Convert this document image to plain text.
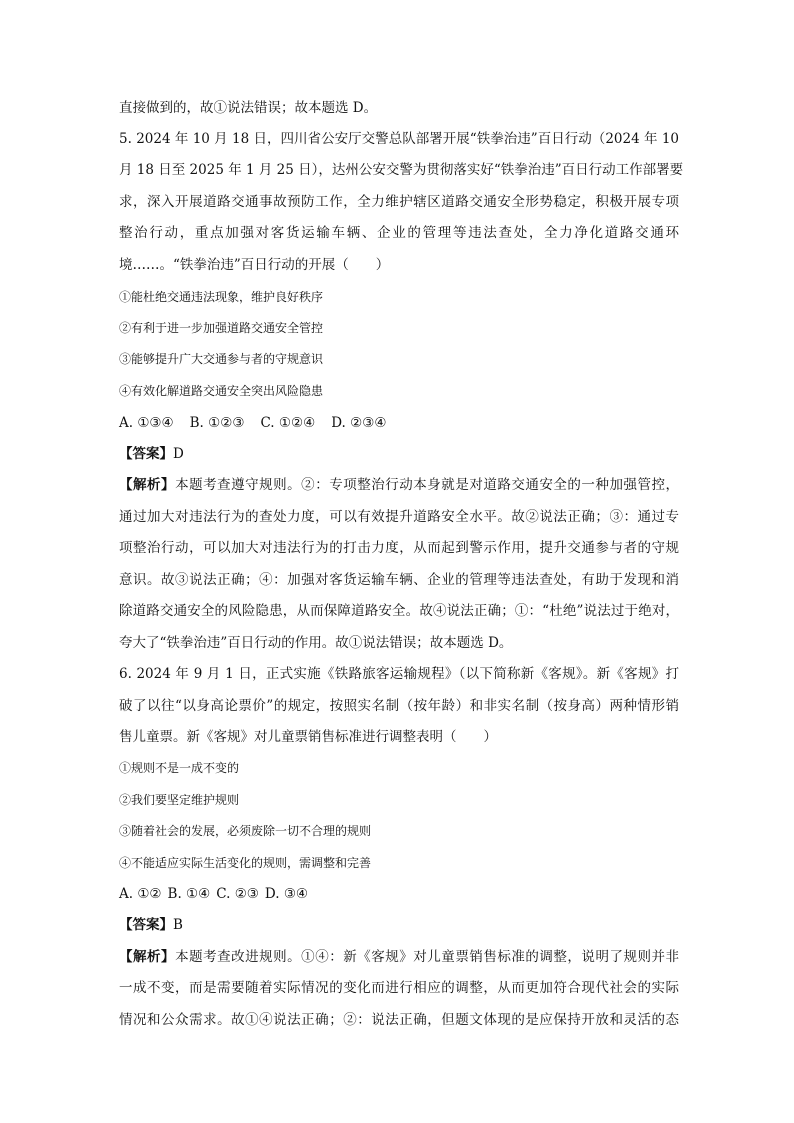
直接做到的，故①说法错误；故本题选 D。
5. 2024 年 10 月 18 日，四川省公安厅交警总队部署开展“铁拳治违”百日行动（2024 年 10
月 18 日至 2025 年 1 月 25 日），达州公安交警为贯彻落实好“铁拳治违”百日行动工作部署要
求，深入开展道路交通事故预防工作，全力维护辖区道路交通安全形势稳定，积极开展专项
整治行动，重点加强对客货运输车辆、企业的管理等违法查处，全力净化道路交通环
境……。“铁拳治违”百日行动的开展（　　）
①能杜绝交通违法现象，维护良好秩序
②有利于进一步加强道路交通安全管控
③能够提升广大交通参与者的守规意识
④有效化解道路交通安全突出风险隐患
A. ①③④ B. ①②③ C. ①②④ D. ②③④
【答案】D
【解析】本题考查遵守规则。②：专项整治行动本身就是对道路交通安全的一种加强管控，
通过加大对违法行为的查处力度，可以有效提升道路安全水平。故②说法正确；③：通过专
项整治行动，可以加大对违法行为的打击力度，从而起到警示作用，提升交通参与者的守规
意识。故③说法正确；④：加强对客货运输车辆、企业的管理等违法查处，有助于发现和消
除道路交通安全的风险隐患，从而保障道路安全。故④说法正确；①：“杜绝”说法过于绝对，
夸大了“铁拳治违”百日行动的作用。故①说法错误；故本题选 D。
6. 2024 年 9 月 1 日，正式实施《铁路旅客运输规程》（以下简称新《客规》。新《客规》打
破了以往“以身高论票价”的规定，按照实名制（按年龄）和非实名制（按身高）两种情形销
售儿童票。新《客规》对儿童票销售标准进行调整表明（　　）
①规则不是一成不变的
②我们要坚定维护规则
③随着社会的发展，必须废除一切不合理的规则
④不能适应实际生活变化的规则，需调整和完善
A. ①② B. ①④ C. ②③ D. ③④
【答案】B
【解析】本题考查改进规则。①④：新《客规》对儿童票销售标准的调整，说明了规则并非
一成不变，而是需要随着实际情况的变化而进行相应的调整，从而更加符合现代社会的实际
情况和公众需求。故①④说法正确；②：说法正确，但题文体现的是应保持开放和灵活的态
